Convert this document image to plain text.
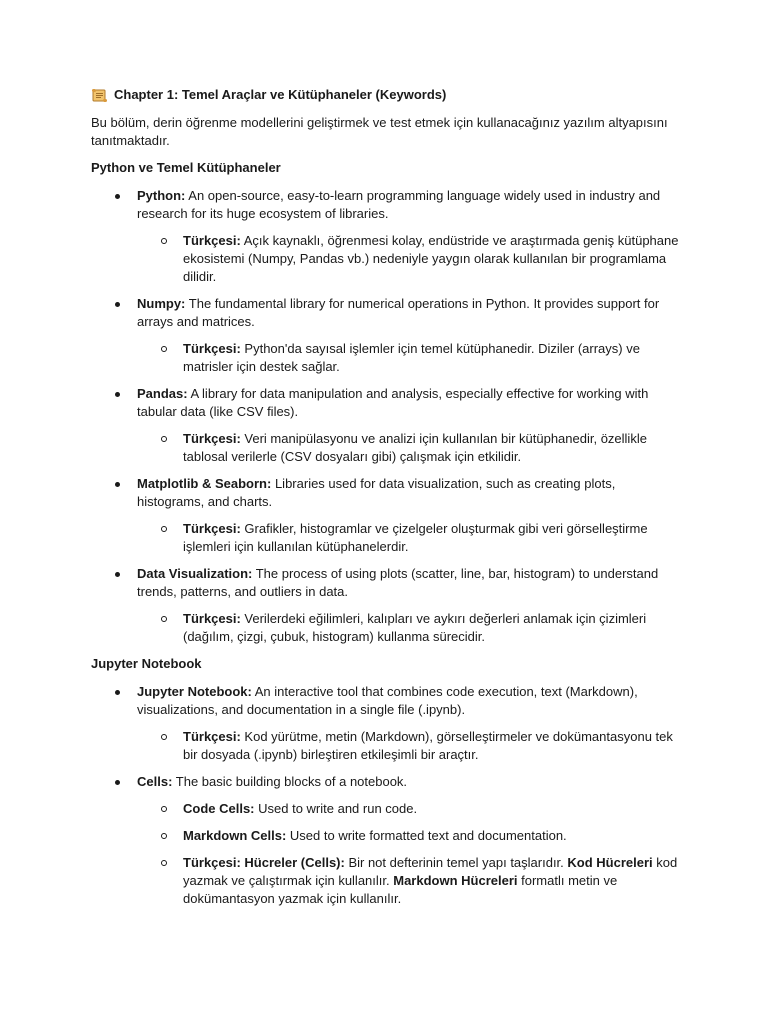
Chapter 1: Temel Araçlar ve Kütüphaneler (Keywords)

Bu bölüm, derin öğrenme modellerini geliştirmek ve test etmek için kullanacağınız yazılım altyapısını tanıtmaktadır.

Python ve Temel Kütüphaneler

Python: An open-source, easy-to-learn programming language widely used in industry and research for its huge ecosystem of libraries.
Türkçesi: Açık kaynaklı, öğrenmesi kolay, endüstride ve araştırmada geniş kütüphane ekosistemi (Numpy, Pandas vb.) nedeniyle yaygın olarak kullanılan bir programlama dilidir.
Numpy: The fundamental library for numerical operations in Python. It provides support for arrays and matrices.
Türkçesi: Python'da sayısal işlemler için temel kütüphanedir. Diziler (arrays) ve matrisler için destek sağlar.
Pandas: A library for data manipulation and analysis, especially effective for working with tabular data (like CSV files).
Türkçesi: Veri manipülasyonu ve analizi için kullanılan bir kütüphanedir, özellikle tablosal verilerle (CSV dosyaları gibi) çalışmak için etkilidir.
Matplotlib & Seaborn: Libraries used for data visualization, such as creating plots, histograms, and charts.
Türkçesi: Grafikler, histogramlar ve çizelgeler oluşturmak gibi veri görselleştirme işlemleri için kullanılan kütüphanelerdir.
Data Visualization: The process of using plots (scatter, line, bar, histogram) to understand trends, patterns, and outliers in data.
Türkçesi: Verilerdeki eğilimleri, kalıpları ve aykırı değerleri anlamak için çizimleri (dağılım, çizgi, çubuk, histogram) kullanma sürecidir.

Jupyter Notebook

Jupyter Notebook: An interactive tool that combines code execution, text (Markdown), visualizations, and documentation in a single file (.ipynb).
Türkçesi: Kod yürütme, metin (Markdown), görselleştirmeler ve dokümantasyonu tek bir dosyada (.ipynb) birleştiren etkileşimli bir araçtır.
Cells: The basic building blocks of a notebook.
Code Cells: Used to write and run code.
Markdown Cells: Used to write formatted text and documentation.
Türkçesi: Hücreler (Cells): Bir not defterinin temel yapı taşlarıdır. Kod Hücreleri kod yazmak ve çalıştırmak için kullanılır. Markdown Hücreleri formatlı metin ve dokümantasyon yazmak için kullanılır.
